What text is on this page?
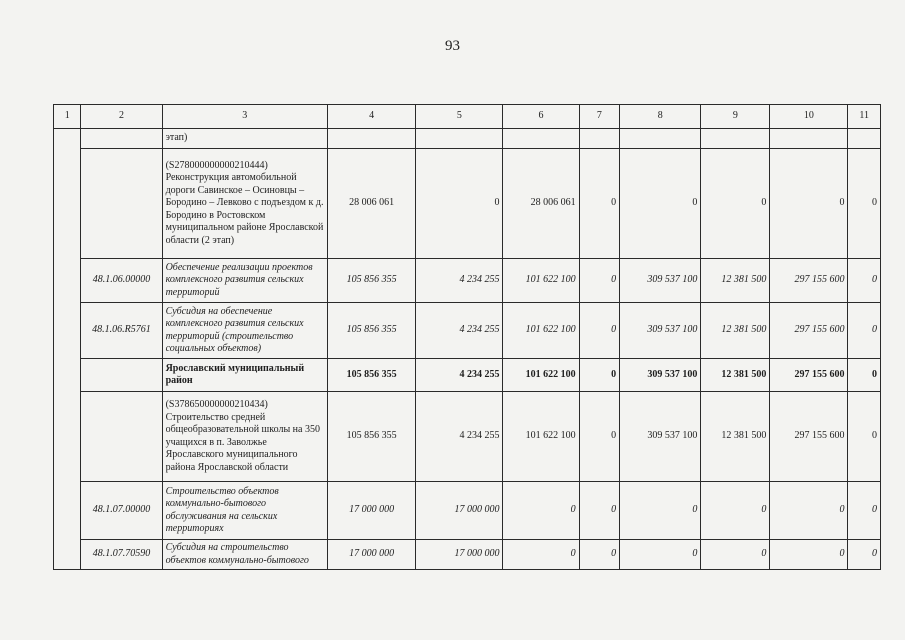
93
1	2	3	4	5	6	7	8	9	10	11
		этап)								
		(S278000000000210444) Реконструкция автомобильной дороги Савинское – Осиновцы – Бородино – Левково с подъездом к д. Бородино в Ростовском муниципальном районе Ярославской области (2 этап)	28 006 061	0	28 006 061	0	0	0	0	0
	48.1.06.00000	Обеспечение реализации проектов комплексного развития сельских территорий	105 856 355	4 234 255	101 622 100	0	309 537 100	12 381 500	297 155 600	0
	48.1.06.R5761	Субсидия на обеспечение комплексного развития сельских территорий (строительство социальных объектов)	105 856 355	4 234 255	101 622 100	0	309 537 100	12 381 500	297 155 600	0
		Ярославский муниципальный район	105 856 355	4 234 255	101 622 100	0	309 537 100	12 381 500	297 155 600	0
		(S378650000000210434) Строительство средней общеобразовательной школы на 350 учащихся в п. Заволжье Ярославского муниципального района Ярославской области	105 856 355	4 234 255	101 622 100	0	309 537 100	12 381 500	297 155 600	0
	48.1.07.00000	Строительство объектов коммунально-бытового обслуживания на сельских территориях	17 000 000	17 000 000	0	0	0	0	0	0
	48.1.07.70590	Субсидия на строительство объектов коммунально-бытового	17 000 000	17 000 000	0	0	0	0	0	0
